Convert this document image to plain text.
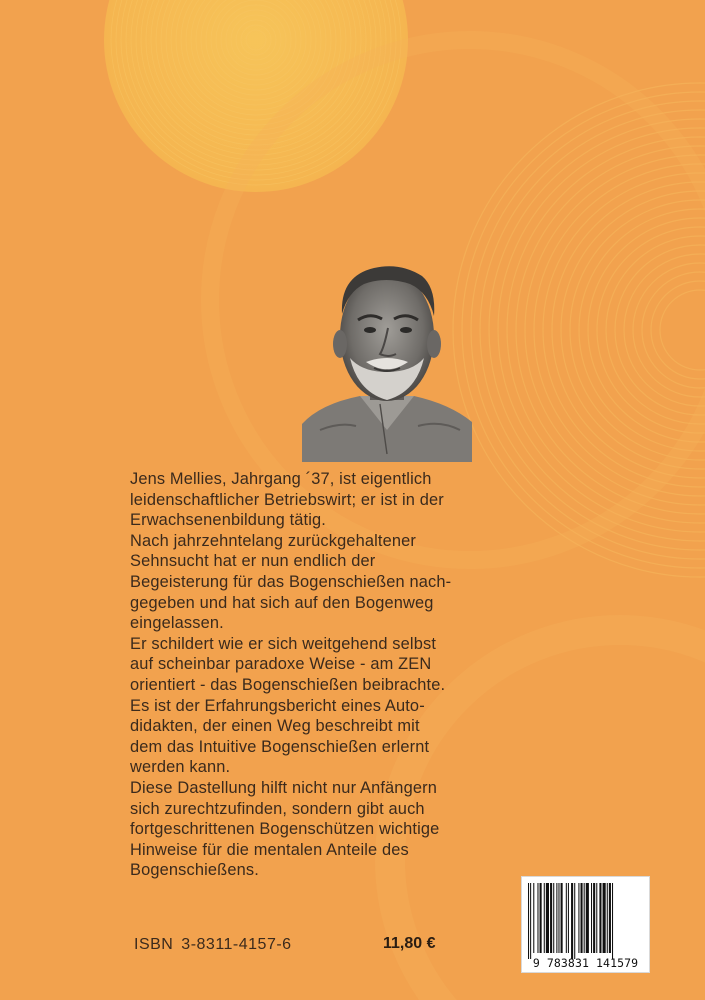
Jens Mellies, Jahrgang ´37, ist eigentlich
leidenschaftlicher Betriebswirt; er ist in der
Erwachsenenbildung tätig.

Nach jahrzehntelang zurückgehaltener
Sehnsucht hat er nun endlich der
Begeisterung für das Bogenschießen nach-
gegeben und hat sich auf den Bogenweg
eingelassen.

Er schildert wie er sich weitgehend selbst
auf scheinbar paradoxe Weise - am ZEN
orientiert - das Bogenschießen beibrachte.
Es ist der Erfahrungsbericht eines Auto-
didakten, der einen Weg beschreibt mit
dem das Intuitive Bogenschießen erlernt
werden kann.

Diese Dastellung hilft nicht nur Anfängern
sich zurechtzufinden, sondern gibt auch
fortgeschrittenen Bogenschützen wichtige
Hinweise für die mentalen Anteile des
Bogenschießens.

ISBN 3-8311-4157-6	11,80 €
9 783831 141579
